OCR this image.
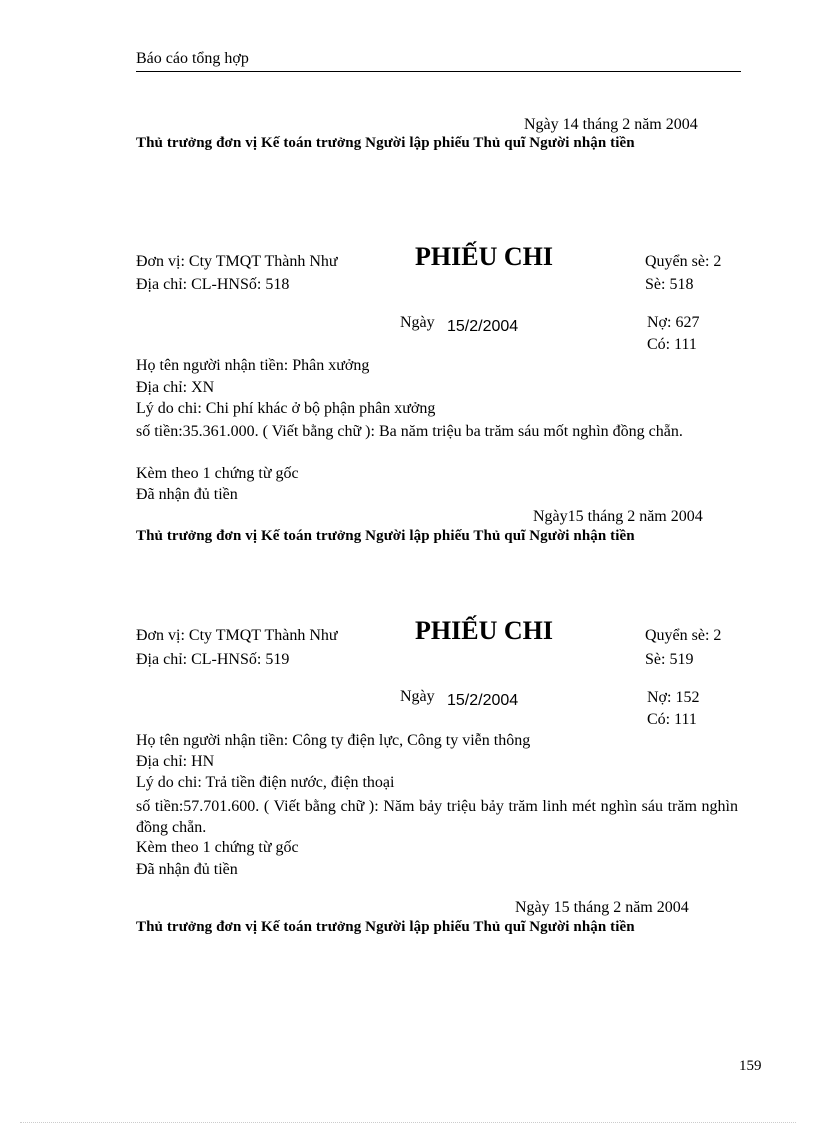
Báo cáo tổng hợp
Ngày 14 tháng 2 năm 2004
Thủ trưởng đơn vị Kế toán trưởng Người lập phiếu Thủ quĩ Người nhận tiền
Đơn vị: Cty TMQT Thành Như	PHIẾU CHI	Quyển sè: 2
Địa chỉ: CL-HNSố: 518	Sè: 518
Ngày 15/2/2004	Nợ: 627
Có: 111
Họ tên người nhận tiền: Phân xưởng
Địa chỉ: XN
Lý do chi: Chi phí khác ở bộ phận phân xưởng
số tiền:35.361.000. ( Viết bằng chữ ): Ba năm triệu ba trăm sáu mốt nghìn đồng chẵn.
Kèm theo 1 chứng từ gốc
Đã nhận đủ tiền
Ngày15 tháng 2 năm 2004
Thủ trưởng đơn vị Kế toán trưởng Người lập phiếu Thủ quĩ Người nhận tiền
Đơn vị: Cty TMQT Thành Như	PHIẾU CHI	Quyển sè: 2
Địa chỉ: CL-HNSố: 519	Sè: 519
Ngày 15/2/2004	Nợ: 152
Có: 111
Họ tên người nhận tiền: Công ty điện lực, Công ty viễn thông
Địa chỉ: HN
Lý do chi: Trả tiền điện nước, điện thoại
số tiền:57.701.600. ( Viết bằng chữ ): Năm bảy triệu bảy trăm linh mét nghìn sáu trăm nghìn đồng chẵn.
Kèm theo 1 chứng từ gốc
Đã nhận đủ tiền
Ngày 15 tháng 2 năm 2004
Thủ trưởng đơn vị Kế toán trưởng Người lập phiếu Thủ quĩ Người nhận tiền
159
